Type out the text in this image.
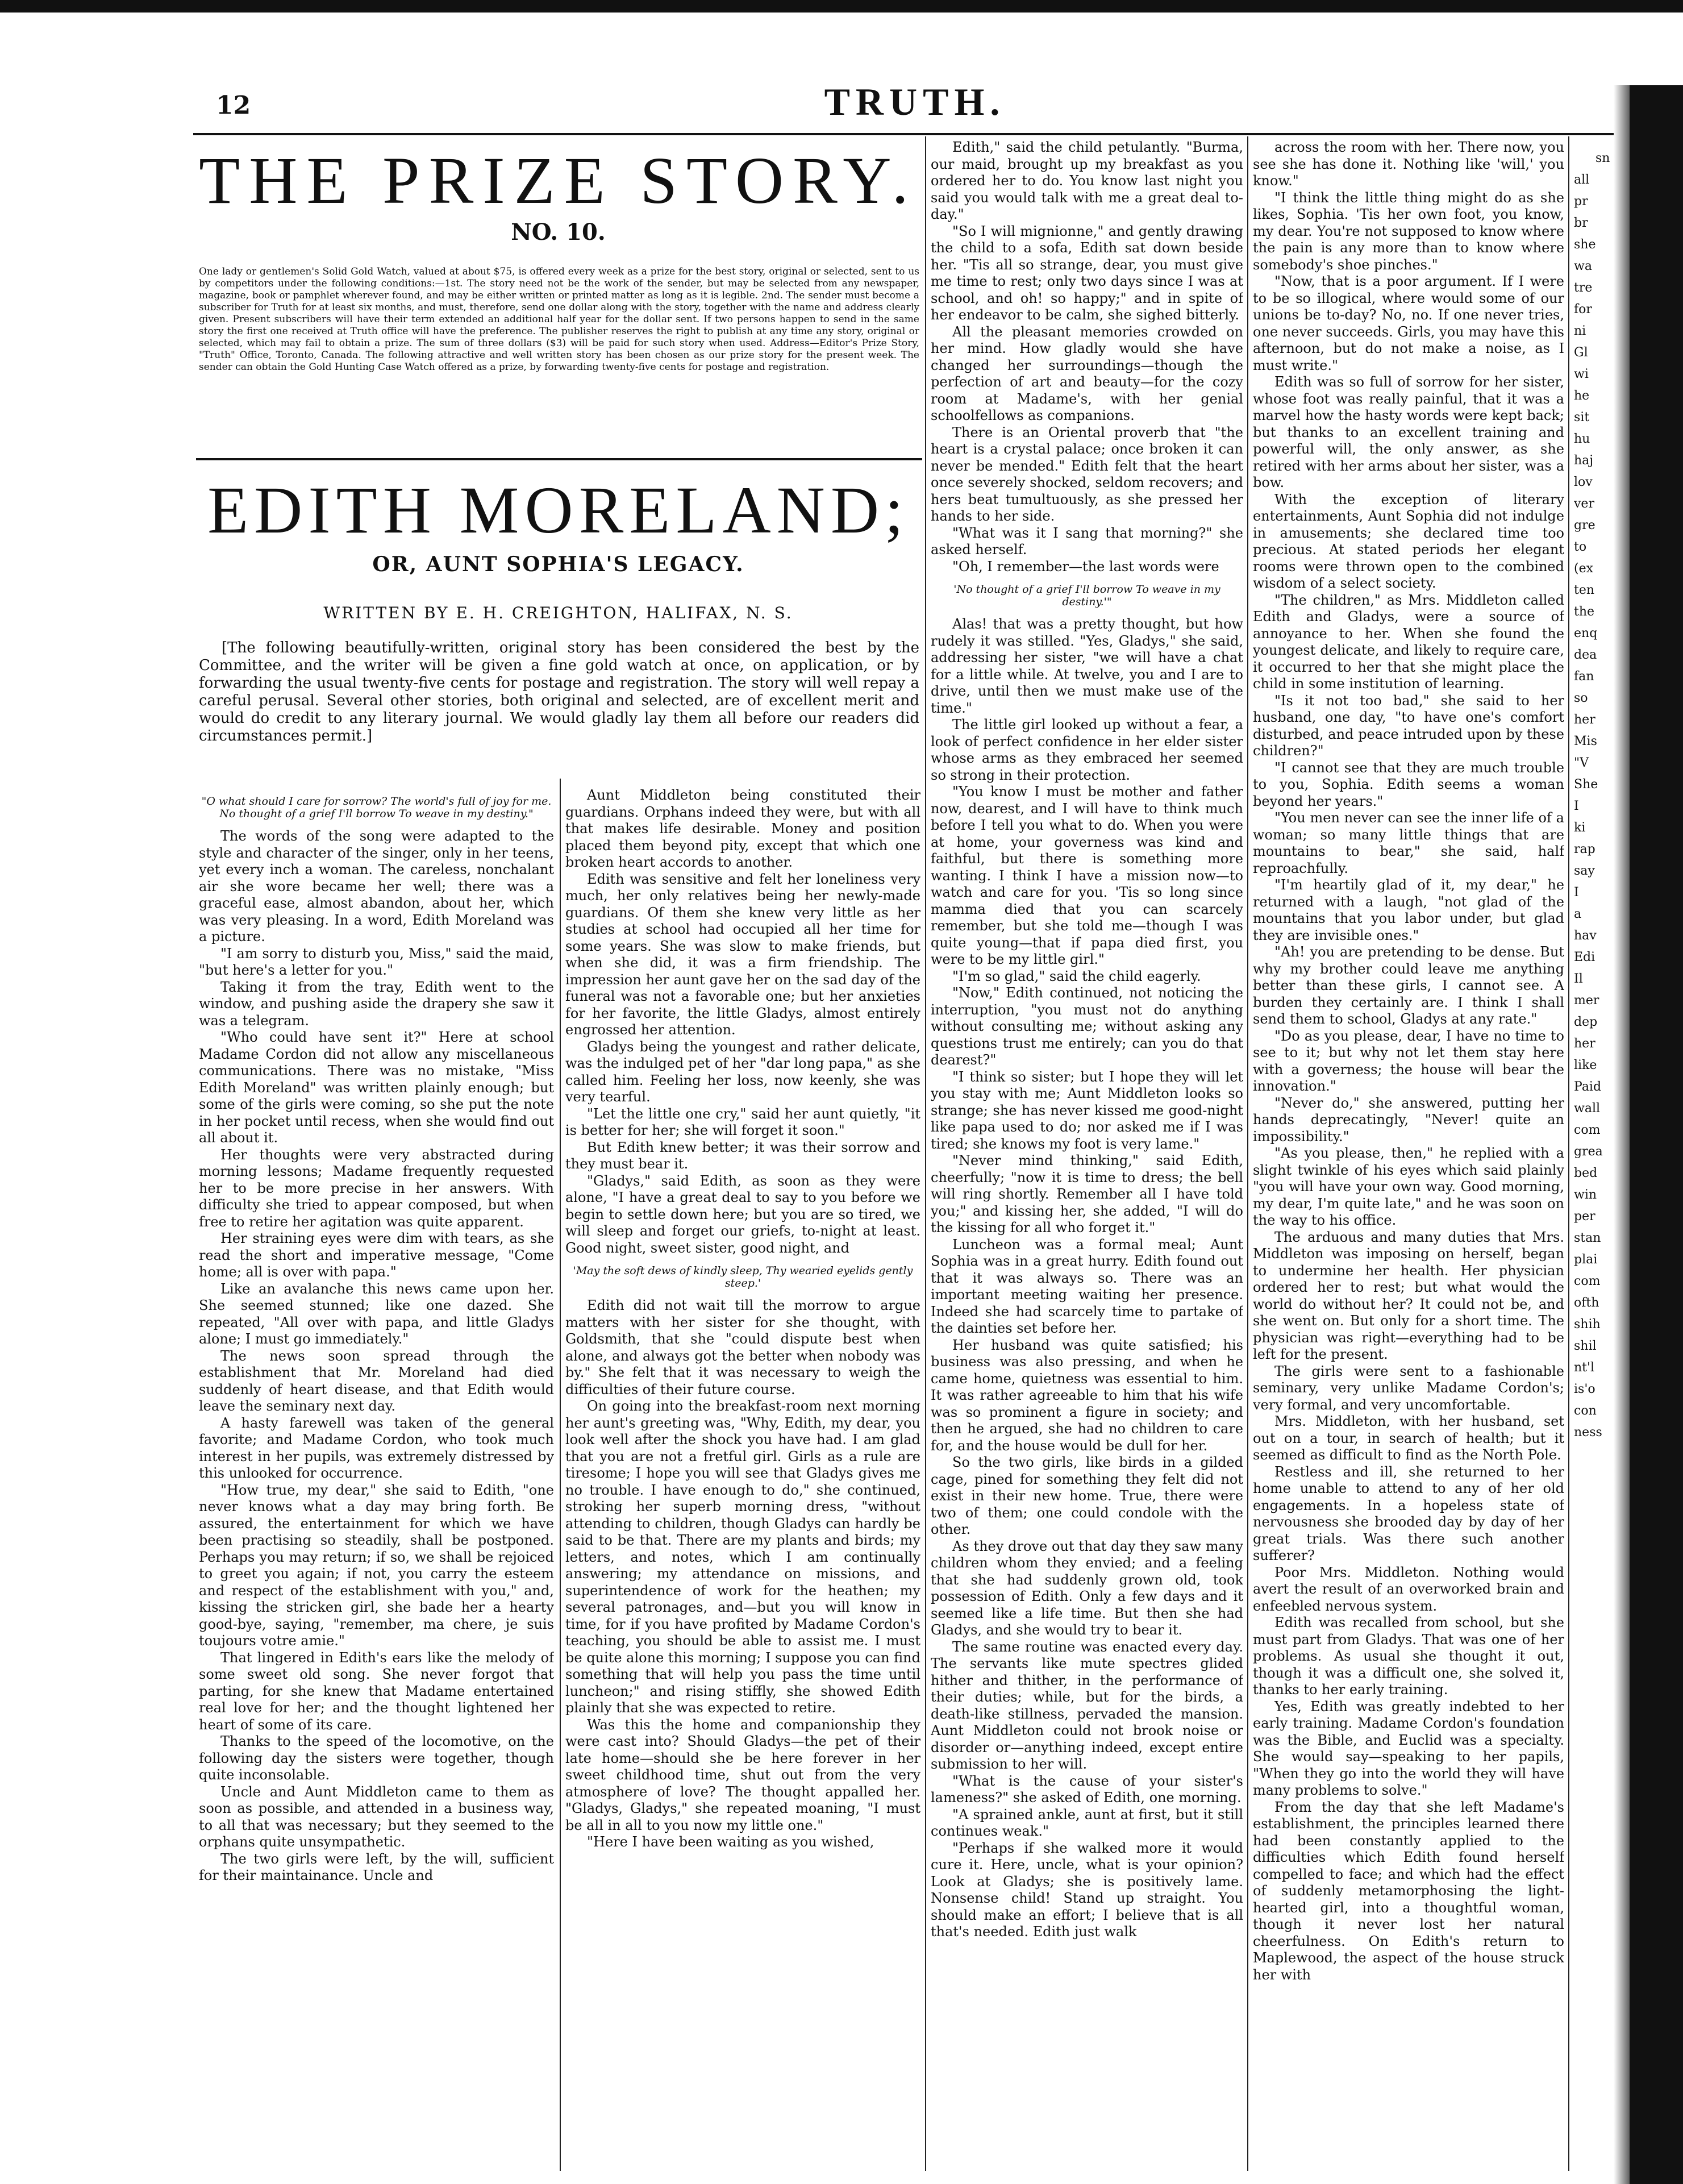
12	TRUTH.
THE PRIZE STORY.
NO. 10.
One lady or gentlemen's Solid Gold Watch, valued at about $75, is offered every week as a prize for the best story, original or selected, sent to us by competitors under the following conditions:—1st. The story need not be the work of the sender, but may be selected from any newspaper, magazine, book or pamphlet wherever found, and may be either written or printed matter as long as it is legible. 2nd. The sender must become a subscriber for Truth for at least six months, and must, therefore, send one dollar along with the story, together with the name and address clearly given. Present subscribers will have their term extended an additional half year for the dollar sent. If two persons happen to send in the same story the first one received at Truth office will have the preference. The publisher reserves the right to publish at any time any story, original or selected, which may fail to obtain a prize. The sum of three dollars ($3) will be paid for such story when used. Address—Editor's Prize Story, "Truth" Office, Toronto, Canada. The following attractive and well written story has been chosen as our prize story for the present week. The sender can obtain the Gold Hunting Case Watch offered as a prize, by forwarding twenty-five cents for postage and registration.
EDITH MORELAND;
OR, AUNT SOPHIA'S LEGACY.
WRITTEN BY E. H. CREIGHTON, HALIFAX, N. S.
[The following beautifully-written, original story has been considered the best by the Committee, and the writer will be given a fine gold watch at once, on application, or by forwarding the usual twenty-five cents for postage and registration. The story will well repay a careful perusal. Several other stories, both original and selected, are of excellent merit and would do credit to any literary journal. We would gladly lay them all before our readers did circumstances permit.]

"O what should I care for sorrow? The world's full of joy for me. No thought of a grief I'll borrow To weave in my destiny."

The words of the song were adapted to the style and character of the singer, only in her teens, yet every inch a woman. The careless, nonchalant air she wore became her well; there was a graceful ease, almost abandon, about her, which was very pleasing. In a word, Edith Moreland was a picture.

"I am sorry to disturb you, Miss," said the maid, "but here's a letter for you."

Taking it from the tray, Edith went to the window, and pushing aside the drapery she saw it was a telegram.

"Who could have sent it?" Here at school Madame Cordon did not allow any miscellaneous communications. There was no mistake, "Miss Edith Moreland" was written plainly enough; but some of the girls were coming, so she put the note in her pocket until recess, when she would find out all about it.

Her thoughts were very abstracted during morning lessons; Madame frequently requested her to be more precise in her answers. With difficulty she tried to appear composed, but when free to retire her agitation was quite apparent.

Her straining eyes were dim with tears, as she read the short and imperative message, "Come home; all is over with papa."

Like an avalanche this news came upon her. She seemed stunned; like one dazed. She repeated, "All over with papa, and little Gladys alone; I must go immediately."

The news soon spread through the establishment that Mr. Moreland had died suddenly of heart disease, and that Edith would leave the seminary next day.

A hasty farewell was taken of the general favorite; and Madame Cordon, who took much interest in her pupils, was extremely distressed by this unlooked for occurrence.

"How true, my dear," she said to Edith, "one never knows what a day may bring forth. Be assured, the entertainment for which we have been practising so steadily, shall be postponed. Perhaps you may return; if so, we shall be rejoiced to greet you again; if not, you carry the esteem and respect of the establishment with you," and, kissing the stricken girl, she bade her a hearty good-bye, saying, "remember, ma chere, je suis toujours votre amie."

That lingered in Edith's ears like the melody of some sweet old song. She never forgot that parting, for she knew that Madame entertained real love for her; and the thought lightened her heart of some of its care.

Thanks to the speed of the locomotive, on the following day the sisters were together, though quite inconsolable.

Uncle and Aunt Middleton came to them as soon as possible, and attended in a business way, to all that was necessary; but they seemed to the orphans quite unsympathetic.

The two girls were left, by the will, sufficient for their maintainance. Uncle and

Aunt Middleton being constituted their guardians. Orphans indeed they were, but with all that makes life desirable. Money and position placed them beyond pity, except that which one broken heart accords to another.

Edith was sensitive and felt her loneliness very much, her only relatives being her newly-made guardians. Of them she knew very little as her studies at school had occupied all her time for some years. She was slow to make friends, but when she did, it was a firm friendship. The impression her aunt gave her on the sad day of the funeral was not a favorable one; but her anxieties for her favorite, the little Gladys, almost entirely engrossed her attention.

Gladys being the youngest and rather delicate, was the indulged pet of her "dar long papa," as she called him. Feeling her loss, now keenly, she was very tearful.

"Let the little one cry," said her aunt quietly, "it is better for her; she will forget it soon."

But Edith knew better; it was their sorrow and they must bear it.

"Gladys," said Edith, as soon as they were alone, "I have a great deal to say to you before we begin to settle down here; but you are so tired, we will sleep and forget our griefs, to-night at least. Good night, sweet sister, good night, and

'May the soft dews of kindly sleep, Thy wearied eyelids gently steep.'

Edith did not wait till the morrow to argue matters with her sister for she thought, with Goldsmith, that she "could dispute best when alone, and always got the better when nobody was by." She felt that it was necessary to weigh the difficulties of their future course.

On going into the breakfast-room next morning her aunt's greeting was, "Why, Edith, my dear, you look well after the shock you have had. I am glad that you are not a fretful girl. Girls as a rule are tiresome; I hope you will see that Gladys gives me no trouble. I have enough to do," she continued, stroking her superb morning dress, "without attending to children, though Gladys can hardly be said to be that. There are my plants and birds; my letters, and notes, which I am continually answering; my attendance on missions, and superintendence of work for the heathen; my several patronages, and—but you will know in time, for if you have profited by Madame Cordon's teaching, you should be able to assist me. I must be quite alone this morning; I suppose you can find something that will help you pass the time until luncheon;" and rising stiffly, she showed Edith plainly that she was expected to retire.

Was this the home and companionship they were cast into? Should Gladys—the pet of their late home—should she be here forever in her sweet childhood time, shut out from the very atmosphere of love? The thought appalled her. "Gladys, Gladys," she repeated moaning, "I must be all in all to you now my little one."

"Here I have been waiting as you wished,

Edith," said the child petulantly. "Burma, our maid, brought up my breakfast as you ordered her to do. You know last night you said you would talk with me a great deal to-day."

"So I will mignionne," and gently drawing the child to a sofa, Edith sat down beside her. "Tis all so strange, dear, you must give me time to rest; only two days since I was at school, and oh! so happy;" and in spite of her endeavor to be calm, she sighed bitterly.

All the pleasant memories crowded on her mind. How gladly would she have changed her surroundings—though the perfection of art and beauty—for the cozy room at Madame's, with her genial schoolfellows as companions.

There is an Oriental proverb that "the heart is a crystal palace; once broken it can never be mended." Edith felt that the heart once severely shocked, seldom recovers; and hers beat tumultuously, as she pressed her hands to her side.

"What was it I sang that morning?" she asked herself.

"Oh, I remember—the last words were

'No thought of a grief I'll borrow To weave in my destiny.'"

Alas! that was a pretty thought, but how rudely it was stilled. "Yes, Gladys," she said, addressing her sister, "we will have a chat for a little while. At twelve, you and I are to drive, until then we must make use of the time."

The little girl looked up without a fear, a look of perfect confidence in her elder sister whose arms as they embraced her seemed so strong in their protection.

"You know I must be mother and father now, dearest, and I will have to think much before I tell you what to do. When you were at home, your governess was kind and faithful, but there is something more wanting. I think I have a mission now—to watch and care for you. 'Tis so long since mamma died that you can scarcely remember, but she told me—though I was quite young—that if papa died first, you were to be my little girl."

"I'm so glad," said the child eagerly.

"Now," Edith continued, not noticing the interruption, "you must not do anything without consulting me; without asking any questions trust me entirely; can you do that dearest?"

"I think so sister; but I hope they will let you stay with me; Aunt Middleton looks so strange; she has never kissed me good-night like papa used to do; nor asked me if I was tired; she knows my foot is very lame."

"Never mind thinking," said Edith, cheerfully; "now it is time to dress; the bell will ring shortly. Remember all I have told you;" and kissing her, she added, "I will do the kissing for all who forget it."

Luncheon was a formal meal; Aunt Sophia was in a great hurry. Edith found out that it was always so. There was an important meeting waiting her presence. Indeed she had scarcely time to partake of the dainties set before her.

Her husband was quite satisfied; his business was also pressing, and when he came home, quietness was essential to him. It was rather agreeable to him that his wife was so prominent a figure in society; and then he argued, she had no children to care for, and the house would be dull for her.

So the two girls, like birds in a gilded cage, pined for something they felt did not exist in their new home. True, there were two of them; one could condole with the other.

As they drove out that day they saw many children whom they envied; and a feeling that she had suddenly grown old, took possession of Edith. Only a few days and it seemed like a life time. But then she had Gladys, and she would try to bear it.

The same routine was enacted every day. The servants like mute spectres glided hither and thither, in the performance of their duties; while, but for the birds, a death-like stillness, pervaded the mansion. Aunt Middleton could not brook noise or disorder or—anything indeed, except entire submission to her will.

"What is the cause of your sister's lameness?" she asked of Edith, one morning.

"A sprained ankle, aunt at first, but it still continues weak."

"Perhaps if she walked more it would cure it. Here, uncle, what is your opinion? Look at Gladys; she is positively lame. Nonsense child! Stand up straight. You should make an effort; I believe that is all that's needed. Edith just walk

across the room with her. There now, you see she has done it. Nothing like 'will,' you know."

"I think the little thing might do as she likes, Sophia. 'Tis her own foot, you know, my dear. You're not supposed to know where the pain is any more than to know where somebody's shoe pinches."

"Now, that is a poor argument. If I were to be so illogical, where would some of our unions be to-day? No, no. If one never tries, one never succeeds. Girls, you may have this afternoon, but do not make a noise, as I must write."

Edith was so full of sorrow for her sister, whose foot was really painful, that it was a marvel how the hasty words were kept back; but thanks to an excellent training and powerful will, the only answer, as she retired with her arms about her sister, was a bow.

With the exception of literary entertainments, Aunt Sophia did not indulge in amusements; she declared time too precious. At stated periods her elegant rooms were thrown open to the combined wisdom of a select society.

"The children," as Mrs. Middleton called Edith and Gladys, were a source of annoyance to her. When she found the youngest delicate, and likely to require care, it occurred to her that she might place the child in some institution of learning.

"Is it not too bad," she said to her husband, one day, "to have one's comfort disturbed, and peace intruded upon by these children?"

"I cannot see that they are much trouble to you, Sophia. Edith seems a woman beyond her years."

"You men never can see the inner life of a woman; so many little things that are mountains to bear," she said, half reproachfully.

"I'm heartily glad of it, my dear," he returned with a laugh, "not glad of the mountains that you labor under, but glad they are invisible ones."

"Ah! you are pretending to be dense. But why my brother could leave me anything better than these girls, I cannot see. A burden they certainly are. I think I shall send them to school, Gladys at any rate."

"Do as you please, dear, I have no time to see to it; but why not let them stay here with a governess; the house will bear the innovation."

"Never do," she answered, putting her hands deprecatingly, "Never! quite an impossibility."

"As you please, then," he replied with a slight twinkle of his eyes which said plainly "you will have your own way. Good morning, my dear, I'm quite late," and he was soon on the way to his office.

The arduous and many duties that Mrs. Middleton was imposing on herself, began to undermine her health. Her physician ordered her to rest; but what would the world do without her? It could not be, and she went on. But only for a short time. The physician was right—everything had to be left for the present.

The girls were sent to a fashionable seminary, very unlike Madame Cordon's; very formal, and very uncomfortable.

Mrs. Middleton, with her husband, set out on a tour, in search of health; but it seemed as difficult to find as the North Pole.

Restless and ill, she returned to her home unable to attend to any of her old engagements. In a hopeless state of nervousness she brooded day by day of her great trials. Was there such another sufferer?

Poor Mrs. Middleton. Nothing would avert the result of an overworked brain and enfeebled nervous system.

Edith was recalled from school, but she must part from Gladys. That was one of her problems. As usual she thought it out, though it was a difficult one, she solved it, thanks to her early training.

Yes, Edith was greatly indebted to her early training. Madame Cordon's foundation was the Bible, and Euclid was a specialty. She would say—speaking to her papils, "When they go into the world they will have many problems to solve."

From the day that she left Madame's establishment, the principles learned there had been constantly applied to the difficulties which Edith found herself compelled to face; and which had the effect of suddenly metamorphosing the light-hearted girl, into a thoughtful woman, though it never lost her natural cheerfulness. On Edith's return to Maplewood, the aspect of the house struck her with

sn all pr br she wa tre for ni Gl wi he sit hu haj lov ver gre to (ex ten the enq dea fan so her Mis "V She I ki rap say I a hav Edi Il mer dep her like Paid wall com grea bed win per stan plai com ofth shih shil nt'l is'o con ness
